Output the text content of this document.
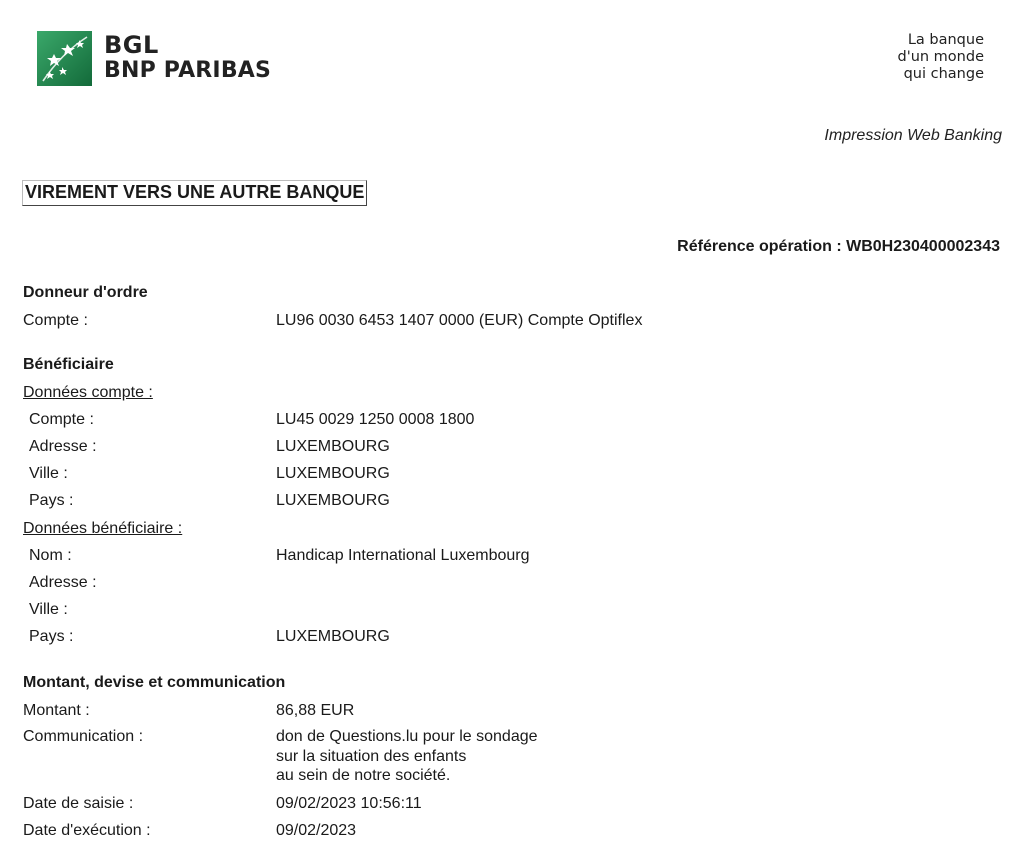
BGL
BNP PARIBAS
La banque
d'un monde
qui change
Impression Web Banking
VIREMENT VERS UNE AUTRE BANQUE
Référence opération : WB0H230400002343
Donneur d'ordre
Compte :	LU96 0030 6453 1407 0000 (EUR) Compte Optiflex
Bénéficiaire
Données compte :
Compte :	LU45 0029 1250 0008 1800
Adresse :	LUXEMBOURG
Ville :	LUXEMBOURG
Pays :	LUXEMBOURG
Données bénéficiaire :
Nom :	Handicap International Luxembourg
Adresse :
Ville :
Pays :	LUXEMBOURG
Montant, devise et communication
Montant :	86,88 EUR
Communication :	don de Questions.lu pour le sondage
sur la situation des enfants
au sein de notre société.
Date de saisie :	09/02/2023 10:56:11
Date d'exécution :	09/02/2023
